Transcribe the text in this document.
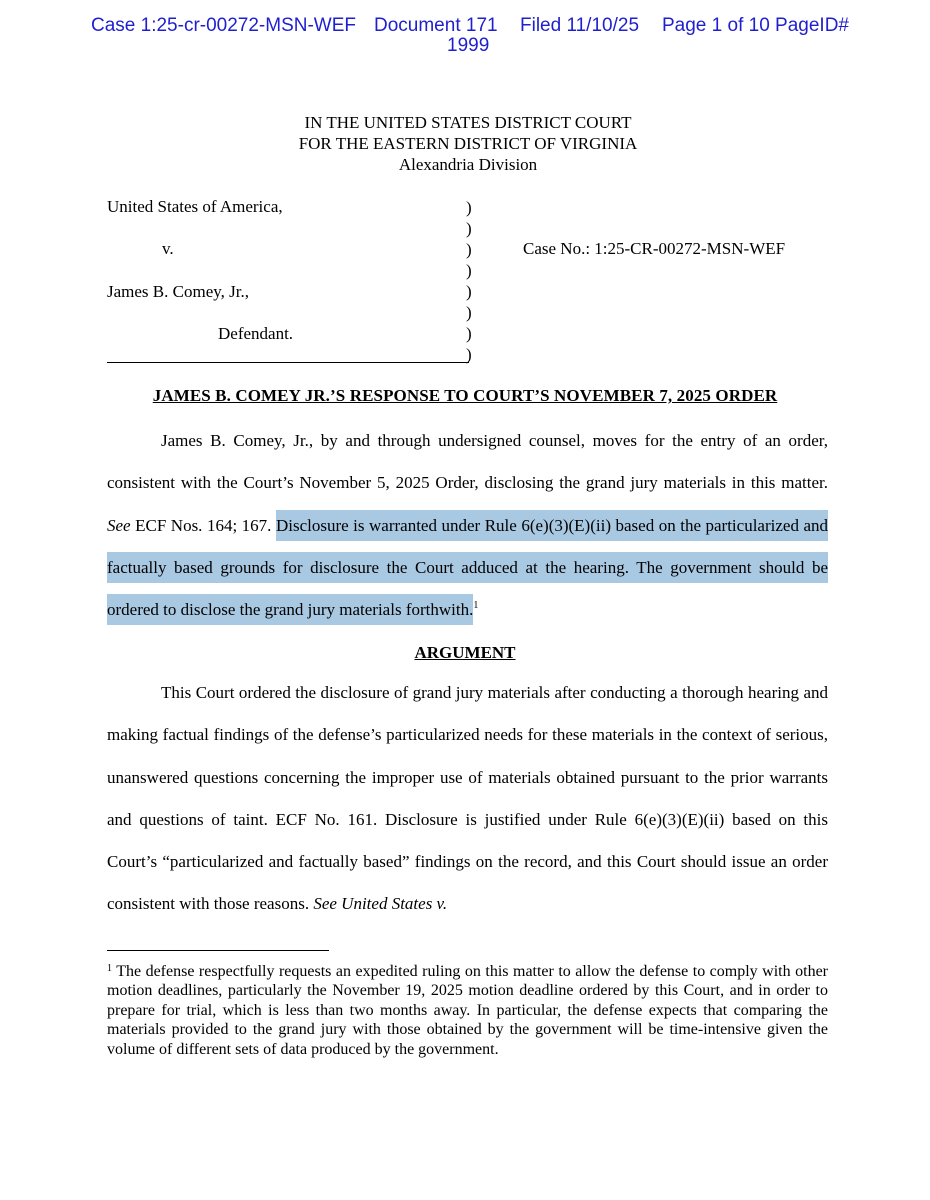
Case 1:25-cr-00272-MSN-WEF Document 171 Filed 11/10/25 Page 1 of 10 PageID#
1999
IN THE UNITED STATES DISTRICT COURT
FOR THE EASTERN DISTRICT OF VIRGINIA
Alexandria Division
United States of America,
v.
James B. Comey, Jr.,
Defendant.
Case No.: 1:25-CR-00272-MSN-WEF
)
)
)
)
)
)
)
)
JAMES B. COMEY JR.’S RESPONSE TO COURT’S NOVEMBER 7, 2025 ORDER

James B. Comey, Jr., by and through undersigned counsel, moves for the entry of an order, consistent with the Court’s November 5, 2025 Order, disclosing the grand jury materials in this matter. See ECF Nos. 164; 167. Disclosure is warranted under Rule 6(e)(3)(E)(ii) based on the particularized and factually based grounds for disclosure the Court adduced at the hearing. The government should be ordered to disclose the grand jury materials forthwith.$^1$

ARGUMENT

This Court ordered the disclosure of grand jury materials after conducting a thorough hearing and making factual findings of the defense’s particularized needs for these materials in the context of serious, unanswered questions concerning the improper use of materials obtained pursuant to the prior warrants and questions of taint. ECF No. 161. Disclosure is justified under Rule 6(e)(3)(E)(ii) based on this Court’s “particularized and factually based” findings on the record, and this Court should issue an order consistent with those reasons. See United States v.

$^1$ The defense respectfully requests an expedited ruling on this matter to allow the defense to comply with other motion deadlines, particularly the November 19, 2025 motion deadline ordered by this Court, and in order to prepare for trial, which is less than two months away. In particular, the defense expects that comparing the materials provided to the grand jury with those obtained by the government will be time-intensive given the volume of different sets of data produced by the government.
